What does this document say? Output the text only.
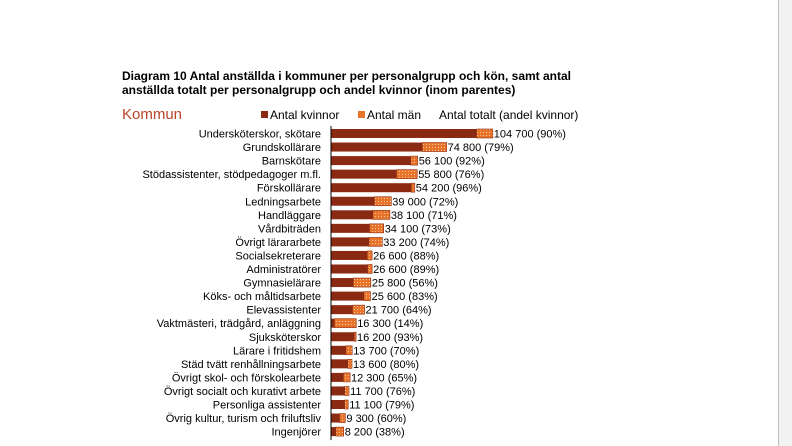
Diagram 10 Antal anställda i kommuner per personalgrupp och kön, samt antal
anställda totalt per personalgrupp och andel kvinnor (inom parentes)
Kommun	Antal kvinnor	Antal män Antal totalt (andel kvinnor)
Undersköterskor, skötare	104 700 (90%)
Grundskollärare	74 800 (79%)
Barnskötare	56 100 (92%)
Stödassistenter, stödpedagoger m.fl.	55 800 (76%)
Förskollärare	54 200 (96%)
Ledningsarbete	39 000 (72%)
Handläggare	38 100 (71%)
Vårdbiträden	34 100 (73%)
Övrigt lärararbete	33 200 (74%)
Socialsekreterare	26 600 (88%)
Administratörer	26 600 (89%)
Gymnasielärare	25 800 (56%)
Köks- och måltidsarbete	25 600 (83%)
Elevassistenter	21 700 (64%)
Vaktmästeri, trädgård, anläggning	16 300 (14%)
Sjuksköterskor	16 200 (93%)
Lärare i fritidshem	13 700 (70%)
Städ tvätt renhållningsarbete	13 600 (80%)
Övrigt skol- och förskolearbete	12 300 (65%)
Övrigt socialt och kurativt arbete	11 700 (76%)
Personliga assistenter	11 100 (79%)
Övrig kultur, turism och friluftsliv 9 300 (60%)
Ingenjörer 8 200 (38%)
